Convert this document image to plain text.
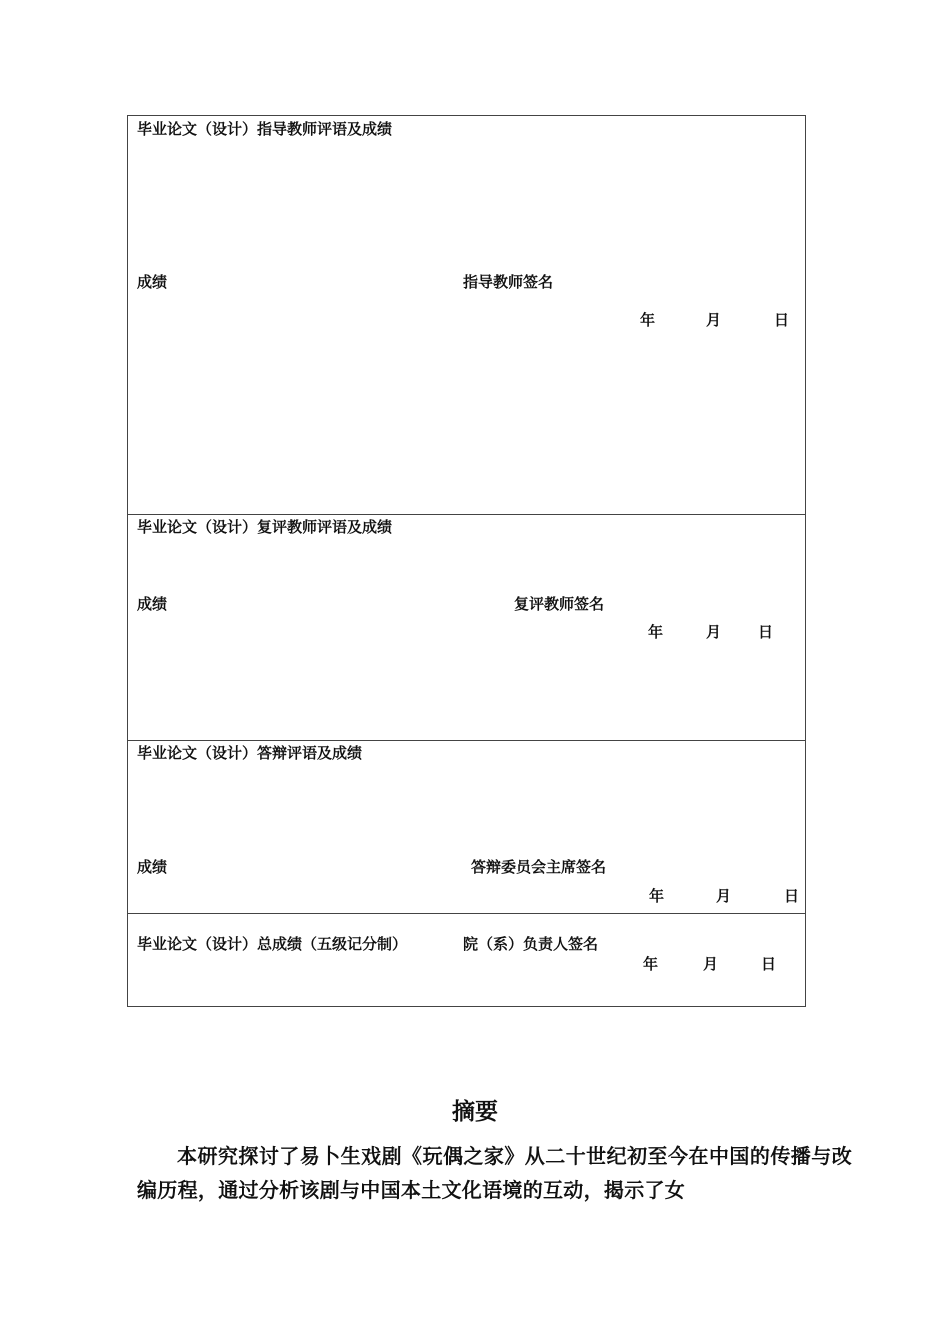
毕业论文（设计）指导教师评语及成绩
成绩	指导教师签名
年	月	日
毕业论文（设计）复评教师评语及成绩
成绩	复评教师签名
年	月 日
毕业论文（设计）答辩评语及成绩
成绩	答辩委员会主席签名
年	月	日
毕业论文（设计）总成绩（五级记分制）	院（系）负责人签名
年	月	日
摘要
本研究探讨了易卜生戏剧《玩偶之家》从二十世纪初至今在中国的传播与改编历程，通过分析该剧与中国本土文化语境的互动，揭示了女
